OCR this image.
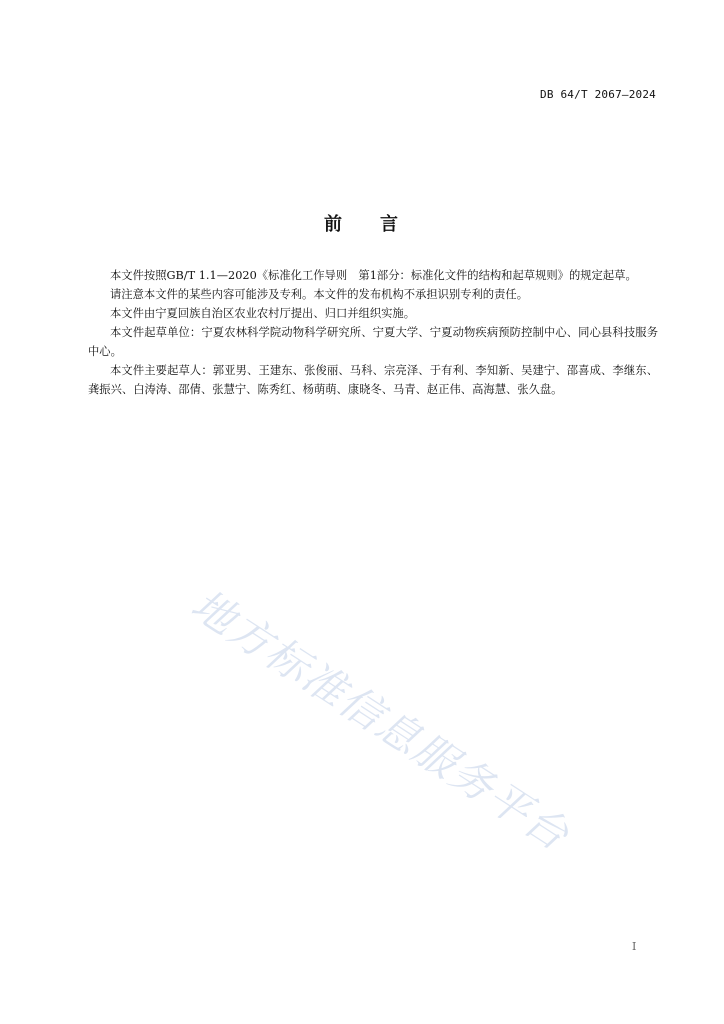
DB 64/T 2067—2024
前 言

本文件按照GB/T 1.1—2020《标准化工作导则　第1部分：标准化文件的结构和起草规则》的规定起草。

请注意本文件的某些内容可能涉及专利。本文件的发布机构不承担识别专利的责任。

本文件由宁夏回族自治区农业农村厅提出、归口并组织实施。

本文件起草单位：宁夏农林科学院动物科学研究所、宁夏大学、宁夏动物疾病预防控制中心、同心县科技服务中心。

本文件主要起草人：郭亚男、王建东、张俊丽、马科、宗亮泽、于有利、李知新、吴建宁、邵喜成、李继东、龚振兴、白涛涛、邵倩、张慧宁、陈秀红、杨萌萌、康晓冬、马青、赵正伟、高海慧、张久盘。

地方标准信息服务平台
I
